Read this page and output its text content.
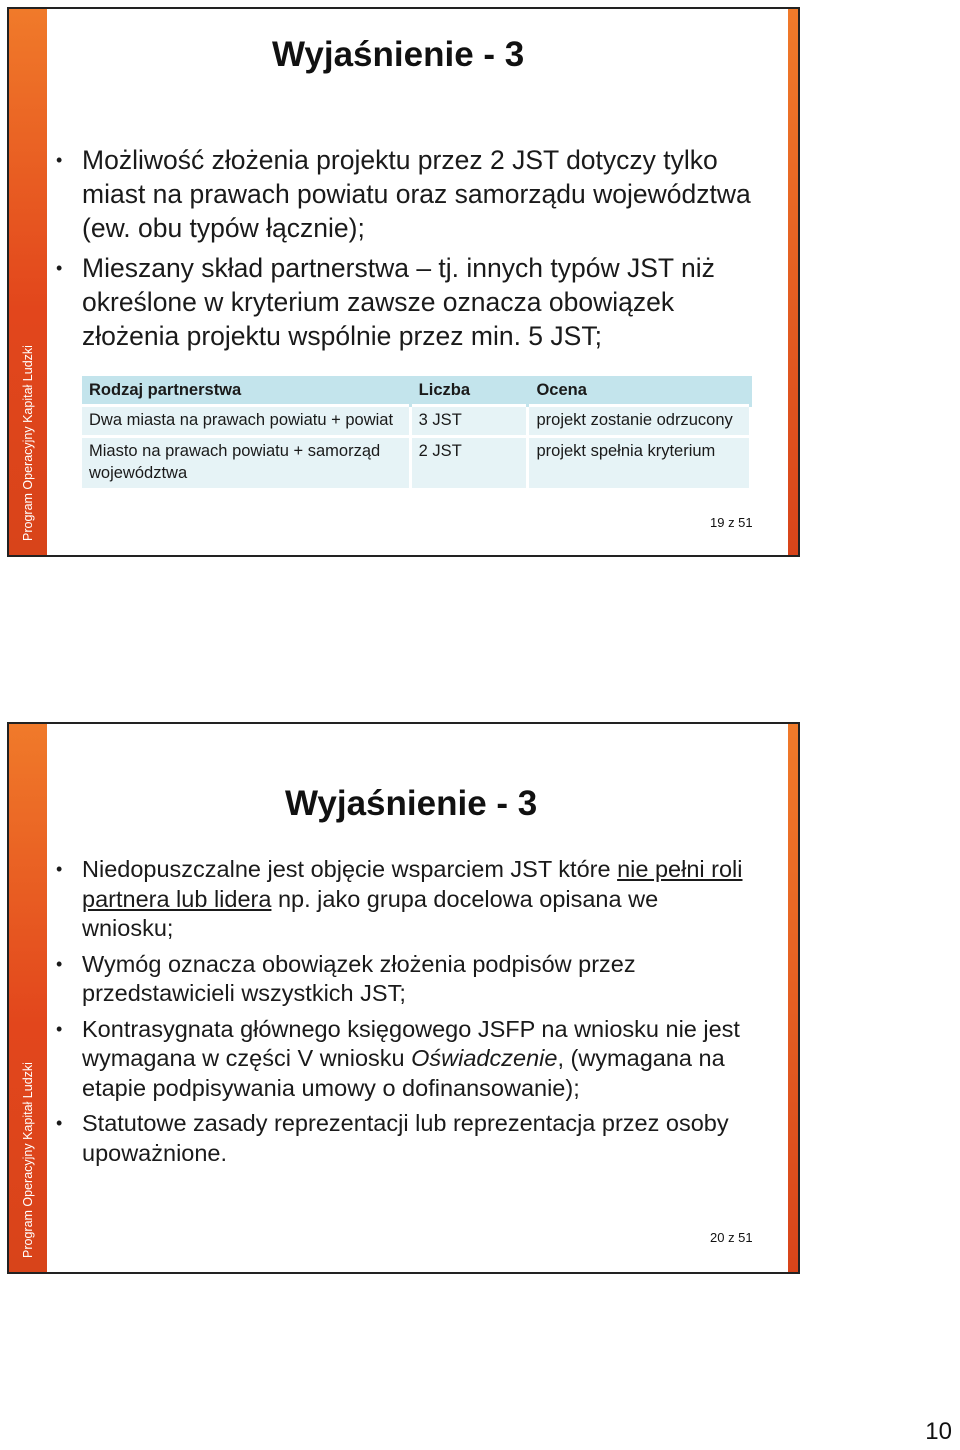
Program Operacyjny Kapitał Ludzki
Wyjaśnienie - 3
• Możliwość złożenia projektu przez 2 JST dotyczy tylko miast na prawach powiatu oraz samorządu województwa (ew. obu typów łącznie);
• Mieszany skład partnerstwa – tj. innych typów JST niż określone w kryterium zawsze oznacza obowiązek złożenia projektu wspólnie przez min. 5 JST;
Rodzaj partnerstwa	Liczba	Ocena
Dwa miasta na prawach powiatu + powiat	3 JST	projekt zostanie odrzucony
Miasto na prawach powiatu + samorząd województwa	2 JST	projekt spełnia kryterium
19 z 51
Program Operacyjny Kapitał Ludzki
Wyjaśnienie - 3
• Niedopuszczalne jest objęcie wsparciem JST które nie pełni roli partnera lub lidera np. jako grupa docelowa opisana we wniosku;
• Wymóg oznacza obowiązek złożenia podpisów przez przedstawicieli wszystkich JST;
• Kontrasygnata głównego księgowego JSFP na wniosku nie jest wymagana w części V wniosku Oświadczenie, (wymagana na etapie podpisywania umowy o dofinansowanie);
• Statutowe zasady reprezentacji lub reprezentacja przez osoby upoważnione.
20 z 51
10
